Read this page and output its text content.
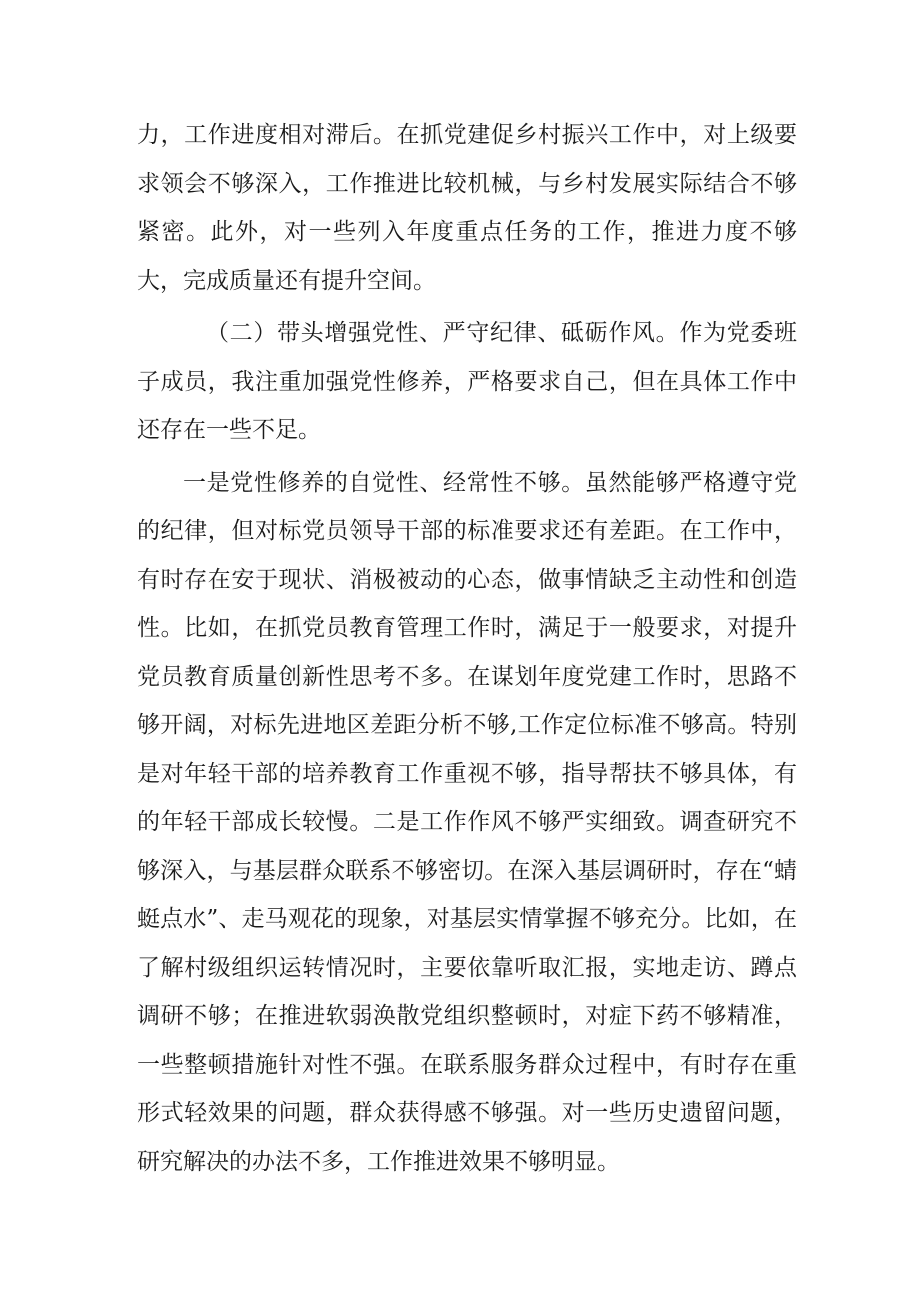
力，工作进度相对滞后。在抓党建促乡村振兴工作中，对上级要求领会不够深入，工作推进比较机械，与乡村发展实际结合不够紧密。此外，对一些列入年度重点任务的工作，推进力度不够大，完成质量还有提升空间。

（二）带头增强党性、严守纪律、砥砺作风。作为党委班子成员，我注重加强党性修养，严格要求自己，但在具体工作中还存在一些不足。

一是党性修养的自觉性、经常性不够。虽然能够严格遵守党的纪律，但对标党员领导干部的标准要求还有差距。在工作中，有时存在安于现状、消极被动的心态，做事情缺乏主动性和创造性。比如，在抓党员教育管理工作时，满足于一般要求，对提升党员教育质量创新性思考不多。在谋划年度党建工作时，思路不够开阔，对标先进地区差距分析不够,工作定位标准不够高。特别是对年轻干部的培养教育工作重视不够，指导帮扶不够具体，有的年轻干部成长较慢。二是工作作风不够严实细致。调查研究不够深入，与基层群众联系不够密切。在深入基层调研时，存在“蜻蜓点水”、走马观花的现象，对基层实情掌握不够充分。比如，在了解村级组织运转情况时，主要依靠听取汇报，实地走访、蹲点调研不够；在推进软弱涣散党组织整顿时，对症下药不够精准，一些整顿措施针对性不强。在联系服务群众过程中，有时存在重形式轻效果的问题，群众获得感不够强。对一些历史遗留问题，研究解决的办法不多，工作推进效果不够明显。
